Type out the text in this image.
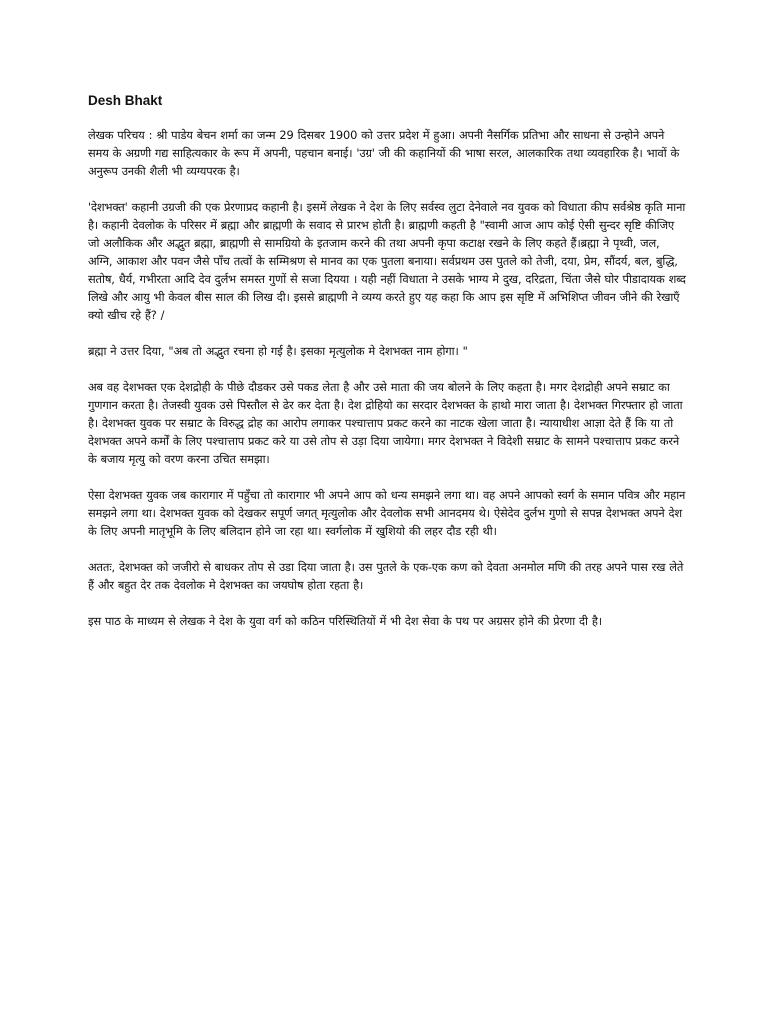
Desh Bhakt
लेखक परिचय : श्री पाडेय बेचन शर्मा का जन्म 29 दिसबर 1900 को उत्तर प्रदेश में हुआ। अपनी नैसर्गिक प्रतिभा और साधना से उन्होने अपने समय के अग्रणी गद्य साहित्यकार के रूप में अपनी, पहचान बनाई। 'उग्र' जी की कहानियों की भाषा सरल, आलकारिक तथा व्यवहारिक है। भावों के अनुरूप उनकी शैली भी व्यग्यपरक है।
'देशभक्त' कहानी उग्रजी की एक प्रेरणाप्रद कहानी है। इसमें लेखक ने देश के लिए सर्वस्व लुटा देनेवाले नव युवक को विधाता कीप सर्वश्रेष्ठ कृति माना है। कहानी देवलोक के परिसर में ब्रह्मा और ब्राह्मणी के सवाद से प्रारभ होती है। ब्राह्मणी कहती है "स्वामी आज आप कोई ऐसी सुन्दर सृष्टि कीजिए जो अलौकिक और अद्भुत ब्रह्मा, ब्राह्मणी से सामग्रियो के इतजाम करने की तथा अपनी कृपा कटाक्ष रखने के लिए कहते हैं।ब्रह्मा ने पृथ्वी, जल, अग्नि, आकाश और पवन जैसे पाँच तत्वों के सम्मिश्रण से मानव का एक पुतला बनाया। सर्वप्रथम उस पुतले को तेजी, दया, प्रेम, सौंदर्य, बल, बुद्धि, सतोष, धैर्य, गभीरता आदि देव दुर्लभ समस्त गुणों से सजा दियया । यही नहीं विधाता ने उसके भाग्य मे दुख, दरिद्रता, चिंता जैसे घोर पीडादायक शब्द लिखे और आयु भी केवल बीस साल की लिख दी। इससे ब्राह्मणी ने व्यग्य करते हुए यह कहा कि आप इस सृष्टि में अभिशिप्त जीवन जीने की रेखाएँ क्यो खीच रहे हैं? /
ब्रह्मा ने उत्तर दिया, "अब तो अद्भुत रचना हो गई है। इसका मृत्युलोक मे देशभक्त नाम होगा। "
अब वह देशभक्त एक देशद्रोही के पीछे दौडकर उसे पकड लेता है और उसे माता की जय बोलने के लिए कहता है। मगर देशद्रोही अपने सम्राट का गुणगान करता है। तेजस्वी युवक उसे पिस्तौल से ढेर कर देता है। देश द्रोहियो का सरदार देशभक्त के हाथो मारा जाता है। देशभक्त गिरफ्तार हो जाता है। देशभक्त युवक पर सम्राट के विरुद्ध द्रोह का आरोप लगाकर पश्चात्ताप प्रकट करने का नाटक खेला जाता है। न्यायाधीश आज्ञा देते हैं कि या तो देशभक्त अपने कर्मों के लिए पश्चात्ताप प्रकट करे या उसे तोप से उड़ा दिया जायेगा। मगर देशभक्त ने विदेशी सम्राट के सामने पश्चात्ताप प्रकट करने के बजाय मृत्यु को वरण करना उचित समझा।
ऐसा देशभक्त युवक जब कारागार में पहुँचा तो कारागार भी अपने आप को धन्य समझने लगा था। वह अपने आपको स्वर्ग के समान पवित्र और महान समझने लगा था। देशभक्त युवक को देखकर सपूर्ण जगत् मृत्युलोक और देवलोक सभी आनदमय थे। ऐसेदेव दुर्लभ गुणो से सपन्न देशभक्त अपने देश के लिए अपनी मातृभूमि के लिए बलिदान होने जा रहा था। स्वर्गलोक में खुशियो की लहर दौड रही थी।
अततः, देशभक्त को जजीरो से बाधकर तोप से उडा दिया जाता है। उस पुतले के एक-एक कण को देवता अनमोल मणि की तरह अपने पास रख लेते हैं और बहुत देर तक देवलोक मे देशभक्त का जयघोष होता रहता है।
इस पाठ के माध्यम से लेखक ने देश के युवा वर्ग को कठिन परिस्थितियों में भी देश सेवा के पथ पर अग्रसर होने की प्रेरणा दी है।
